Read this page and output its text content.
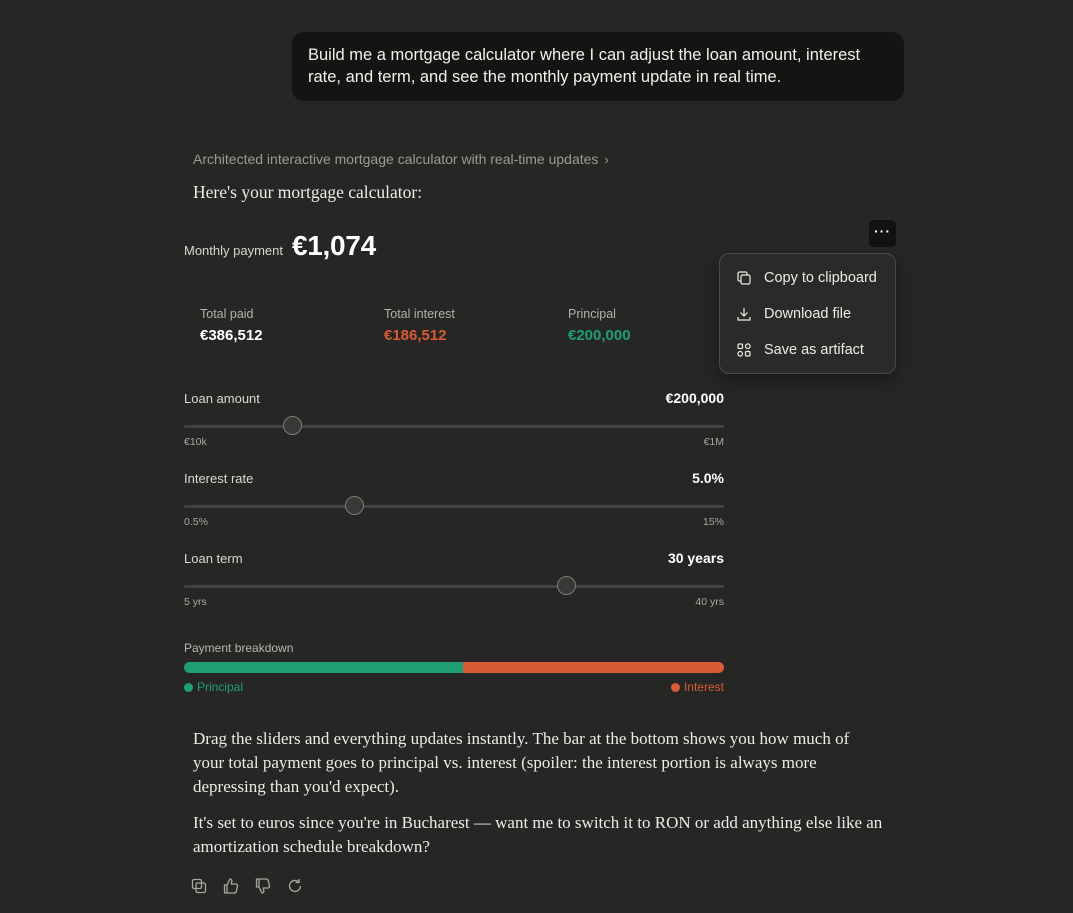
Build me a mortgage calculator where I can adjust the loan amount, interest rate, and term, and see the monthly payment update in real time.
Architected interactive mortgage calculator with real-time updates ›
Here's your mortgage calculator:
Monthly payment €1,074	···
Total paid
€386,512
Total interest
€186,512
Principal
€200,000
Loan amount	€200,000
€10k	€1M
Interest rate	5.0%
0.5%	15%
Loan term	30 years
5 yrs	40 yrs
Payment breakdown
Principal	Interest
Copy to clipboard
Download file
Save as artifact
Drag the sliders and everything updates instantly. The bar at the bottom shows you how much of your total payment goes to principal vs. interest (spoiler: the interest portion is always more depressing than you'd expect).
It's set to euros since you're in Bucharest — want me to switch it to RON or add anything else like an amortization schedule breakdown?
